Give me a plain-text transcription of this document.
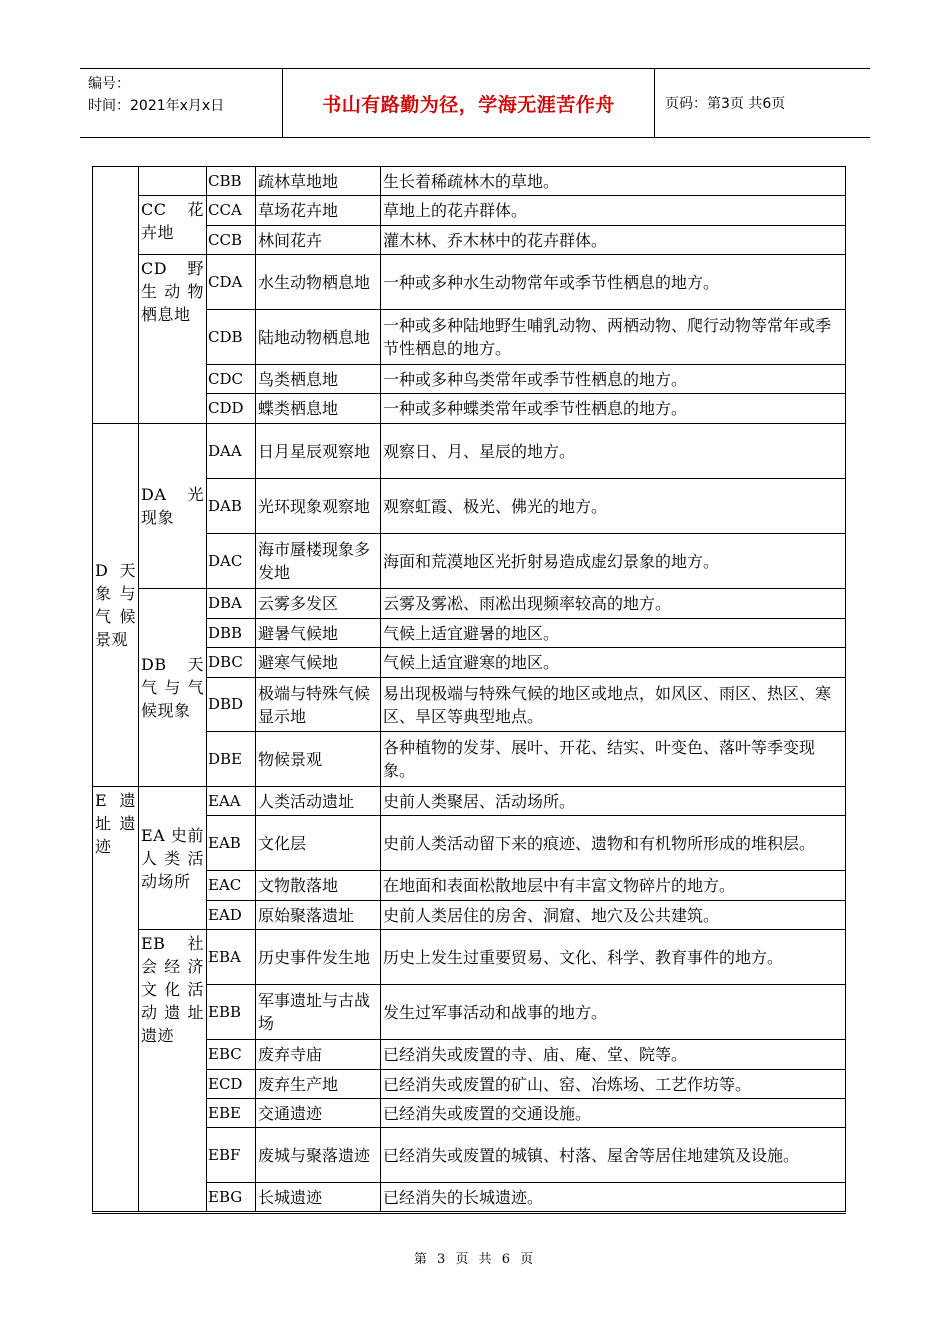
编号：
时间：2021年x月x日	书山有路勤为径，学海无涯苦作舟	页码：第3页 共6页
		CBB	疏林草地地	生长着稀疏林木的草地。
	CC 花卉地	CCA	草场花卉地	草地上的花卉群体。
		CCB	林间花卉	灌木林、乔木林中的花卉群体。
	CD 野生动物栖息地	CDA	水生动物栖息地	一种或多种水生动物常年或季节性栖息的地方。
		CDB	陆地动物栖息地	一种或多种陆地野生哺乳动物、两栖动物、爬行动物等常年或季节性栖息的地方。
		CDC	鸟类栖息地	一种或多种鸟类常年或季节性栖息的地方。
		CDD	蝶类栖息地	一种或多种蝶类常年或季节性栖息的地方。
D 天象与气候景观	DA 光现象	DAA	日月星辰观察地	观察日、月、星辰的地方。
		DAB	光环现象观察地	观察虹霞、极光、佛光的地方。
		DAC	海市蜃楼现象多发地	海面和荒漠地区光折射易造成虚幻景象的地方。
	DB 天气与气候现象	DBA	云雾多发区	云雾及雾凇、雨凇出现频率较高的地方。
		DBB	避暑气候地	气候上适宜避暑的地区。
		DBC	避寒气候地	气候上适宜避寒的地区。
		DBD	极端与特殊气候显示地	易出现极端与特殊气候的地区或地点，如风区、雨区、热区、寒区、旱区等典型地点。
		DBE	物候景观	各种植物的发芽、展叶、开花、结实、叶变色、落叶等季变现象。
E 遗址遗迹	EA 史前人类活动场所	EAA	人类活动遗址	史前人类聚居、活动场所。
		EAB	文化层	史前人类活动留下来的痕迹、遗物和有机物所形成的堆积层。
		EAC	文物散落地	在地面和表面松散地层中有丰富文物碎片的地方。
		EAD	原始聚落遗址	史前人类居住的房舍、洞窟、地穴及公共建筑。
	EB 社会经济文化活动遗址遗迹	EBA	历史事件发生地	历史上发生过重要贸易、文化、科学、教育事件的地方。
		EBB	军事遗址与古战场	发生过军事活动和战事的地方。
		EBC	废弃寺庙	已经消失或废置的寺、庙、庵、堂、院等。
		ECD	废弃生产地	已经消失或废置的矿山、窑、冶炼场、工艺作坊等。
		EBE	交通遗迹	已经消失或废置的交通设施。
		EBF	废城与聚落遗迹	已经消失或废置的城镇、村落、屋舍等居住地建筑及设施。
		EBG	长城遗迹	已经消失的长城遗迹。
第 3 页 共 6 页
